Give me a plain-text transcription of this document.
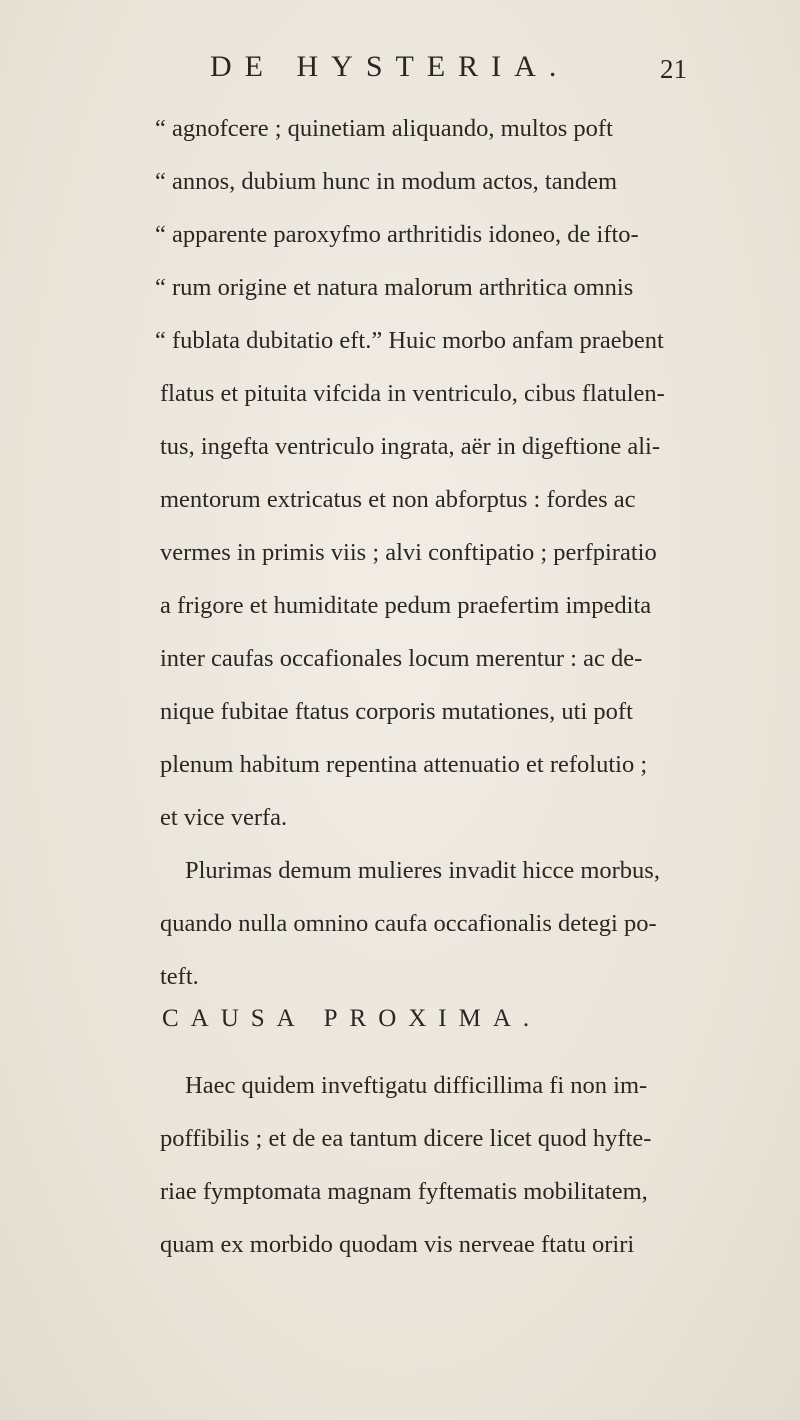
DE HYSTERIA.	21
“ agnofcere ; quinetiam aliquando, multos poft
“ annos, dubium hunc in modum actos, tandem
“ apparente paroxyfmo arthritidis idoneo, de ifto-
“ rum origine et natura malorum arthritica omnis
“ fublata dubitatio eft.” Huic morbo anfam praebent
flatus et pituita vifcida in ventriculo, cibus flatulen-
tus, ingefta ventriculo ingrata, aër in digeftione ali-
mentorum extricatus et non abforptus : fordes ac
vermes in primis viis ; alvi conftipatio ; perfpiratio
a frigore et humiditate pedum praefertim impedita
inter caufas occafionales locum merentur : ac de-
nique fubitae ftatus corporis mutationes, uti poft
plenum habitum repentina attenuatio et refolutio ;
et vice verfa.
Plurimas demum mulieres invadit hicce morbus,
quando nulla omnino caufa occafionalis detegi po-
teft.
CAUSA PROXIMA.
Haec quidem inveftigatu difficillima fi non im-
poffibilis ; et de ea tantum dicere licet quod hyfte-
riae fymptomata magnam fyftematis mobilitatem,
quam ex morbido quodam vis nerveae ftatu oriri
